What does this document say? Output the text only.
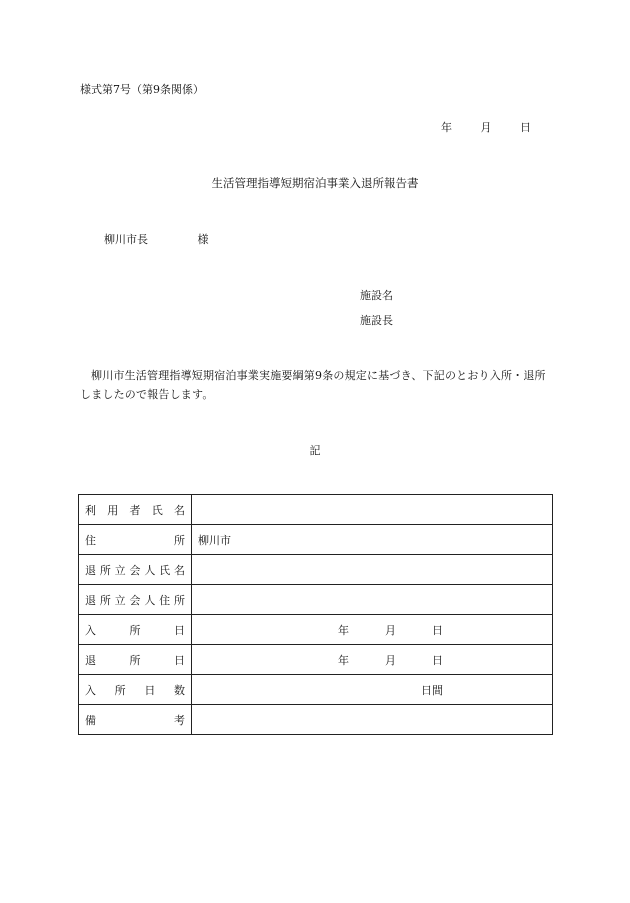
様式第7号（第9条関係）
年	月	日
生活管理指導短期宿泊事業入退所報告書
柳川市長	様
施設名
施設長
柳川市生活管理指導短期宿泊事業実施要綱第9条の規定に基づき、下記のとおり入所・退所しましたので報告します。
記
利用者氏名	

住所	柳川市

退所立会人氏名	

退所立会人住所	

入所日	年 月 日

退所日	年 月 日

入所日数	日間

備考	
